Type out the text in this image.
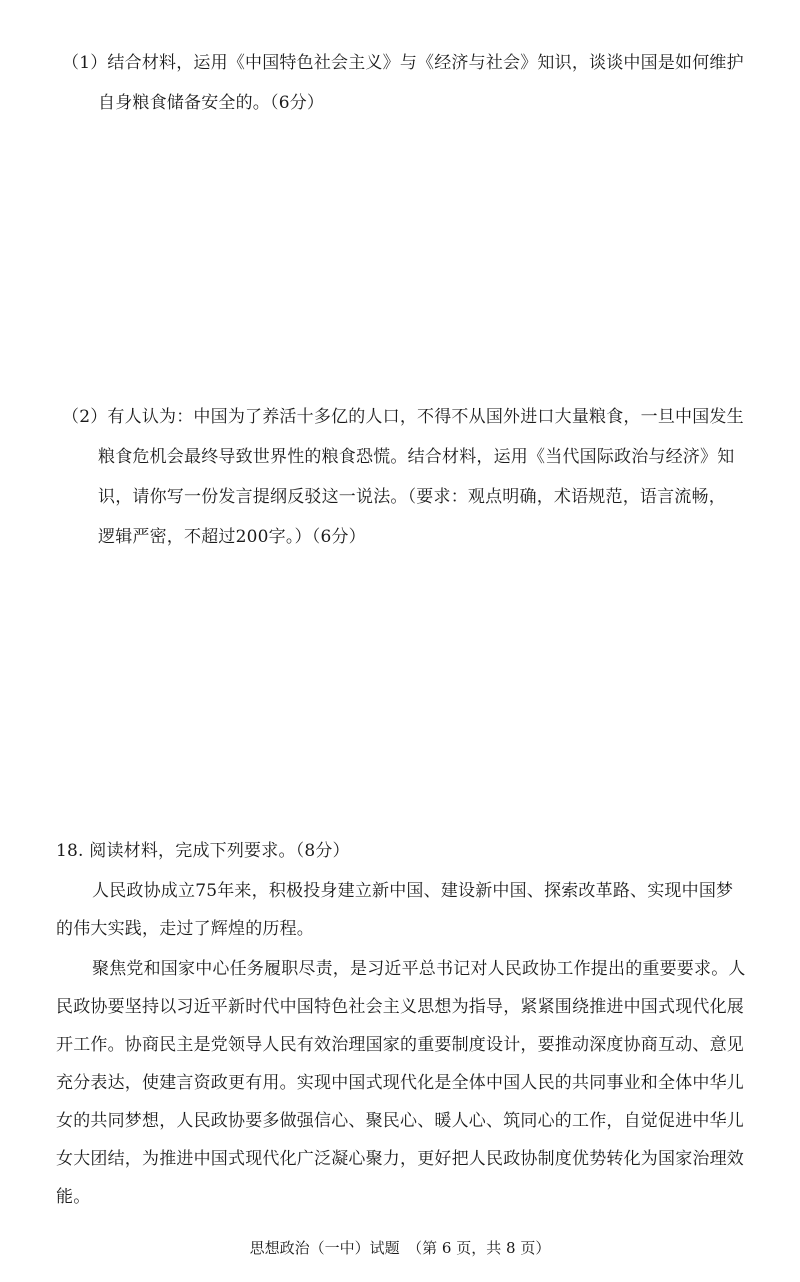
（1）结合材料，运用《中国特色社会主义》与《经济与社会》知识，谈谈中国是如何维护
自身粮食储备安全的。（6分）
（2）有人认为：中国为了养活十多亿的人口，不得不从国外进口大量粮食，一旦中国发生
粮食危机会最终导致世界性的粮食恐慌。结合材料，运用《当代国际政治与经济》知
识，请你写一份发言提纲反驳这一说法。（要求：观点明确，术语规范，语言流畅，
逻辑严密，不超过200字。）（6分）
18. 阅读材料，完成下列要求。（8分）
人民政协成立75年来，积极投身建立新中国、建设新中国、探索改革路、实现中国梦
的伟大实践，走过了辉煌的历程。
聚焦党和国家中心任务履职尽责，是习近平总书记对人民政协工作提出的重要要求。人
民政协要坚持以习近平新时代中国特色社会主义思想为指导，紧紧围绕推进中国式现代化展
开工作。协商民主是党领导人民有效治理国家的重要制度设计，要推动深度协商互动、意见
充分表达，使建言资政更有用。实现中国式现代化是全体中国人民的共同事业和全体中华儿
女的共同梦想，人民政协要多做强信心、聚民心、暖人心、筑同心的工作，自觉促进中华儿
女大团结，为推进中国式现代化广泛凝心聚力，更好把人民政协制度优势转化为国家治理效
能。
思想政治（一中）试题　（第 6 页，共 8 页）
